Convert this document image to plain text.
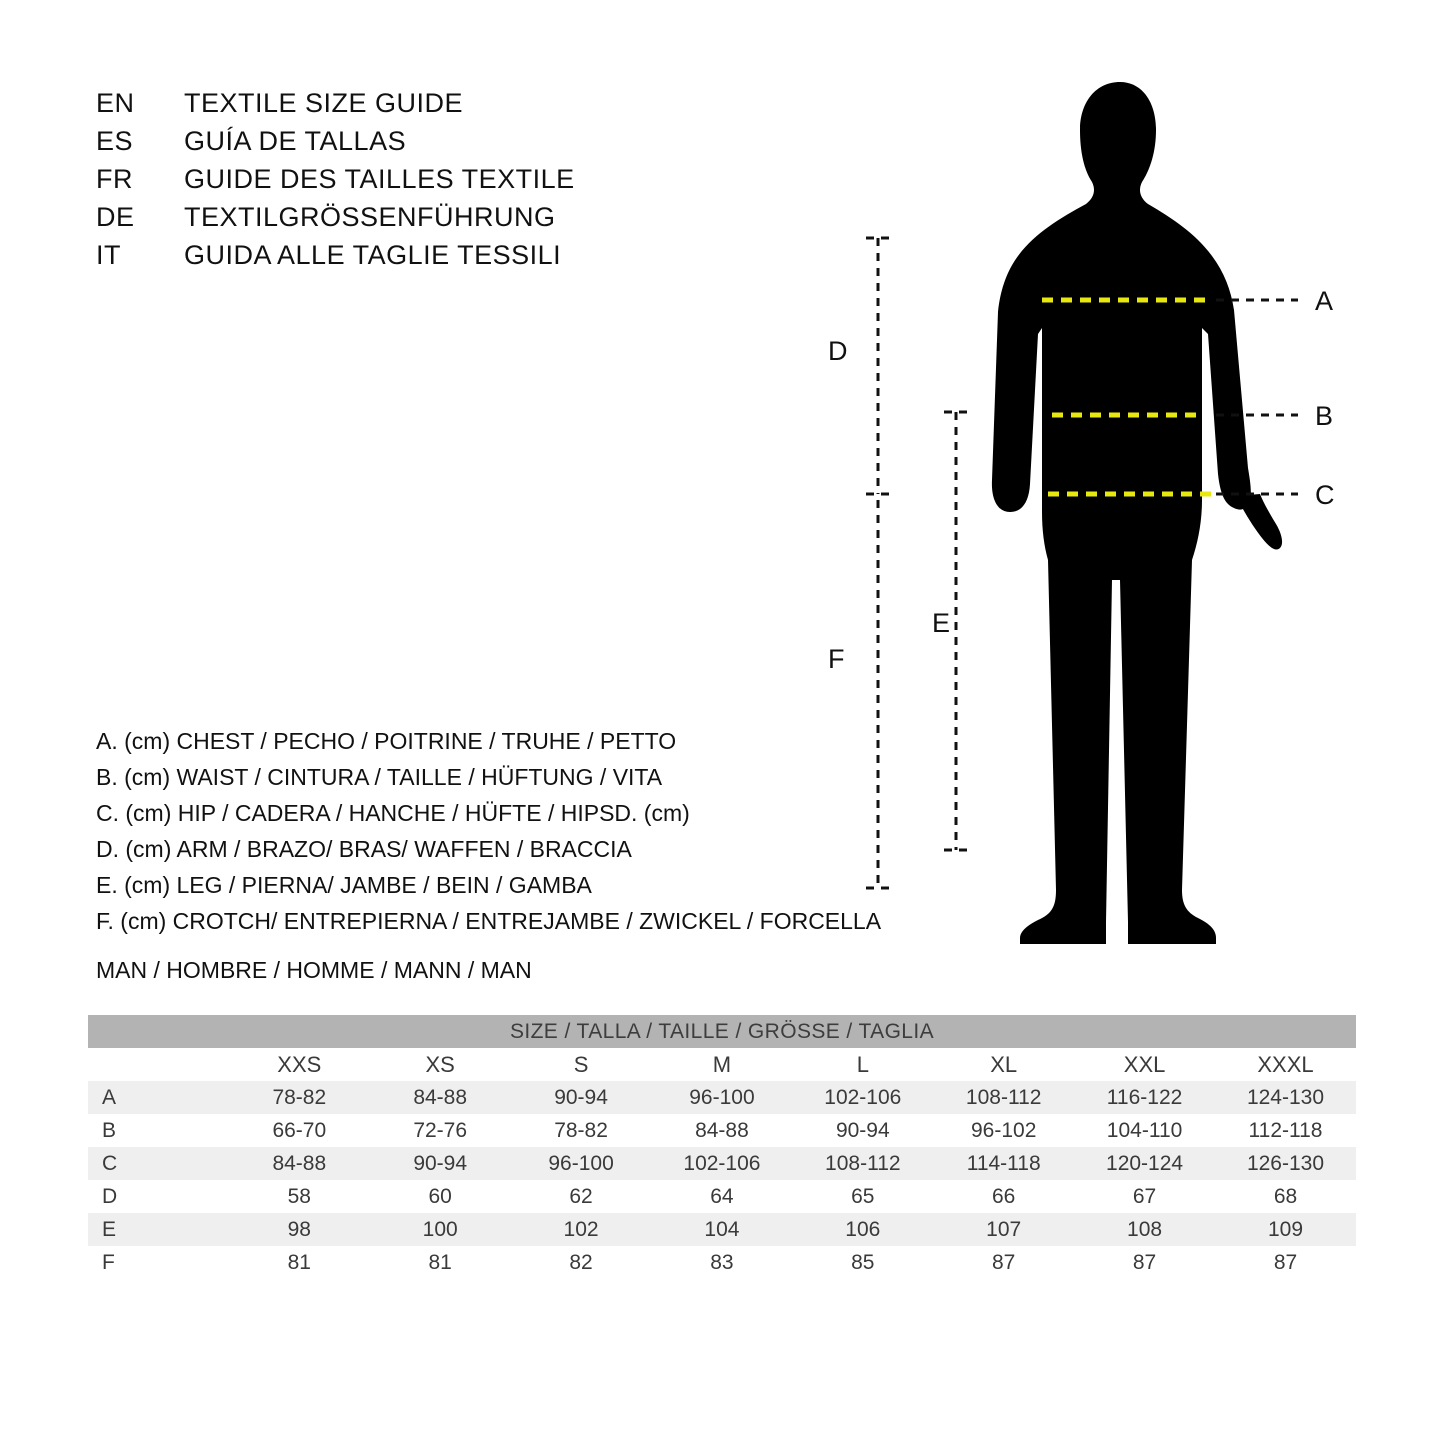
EN	TEXTILE SIZE GUIDE
ES	GUÍA DE TALLAS
FR	GUIDE DES TAILLES TEXTILE
DE	TEXTILGRÖSSENFÜHRUNG
IT	GUIDA ALLE TAGLIE TESSILI
A. (cm) CHEST / PECHO / POITRINE / TRUHE / PETTO
B. (cm) WAIST / CINTURA / TAILLE / HÜFTUNG / VITA
C. (cm) HIP / CADERA / HANCHE / HÜFTE / HIPSD. (cm)
D. (cm) ARM / BRAZO/ BRAS/ WAFFEN / BRACCIA
E. (cm) LEG / PIERNA/ JAMBE / BEIN / GAMBA
F. (cm) CROTCH/ ENTREPIERNA / ENTREJAMBE / ZWICKEL / FORCELLA
MAN / HOMBRE / HOMME / MANN / MAN
A
B
C
D
E
F
SIZE / TALLA / TAILLE / GRÖSSE / TAGLIA								
	XXS	XS	S	M	L	XL	XXL	XXXL
A	78-82	84-88	90-94	96-100	102-106	108-112	116-122	124-130
B	66-70	72-76	78-82	84-88	90-94	96-102	104-110	112-118
C	84-88	90-94	96-100	102-106	108-112	114-118	120-124	126-130
D	58	60	62	64	65	66	67	68
E	98	100	102	104	106	107	108	109
F	81	81	82	83	85	87	87	87
